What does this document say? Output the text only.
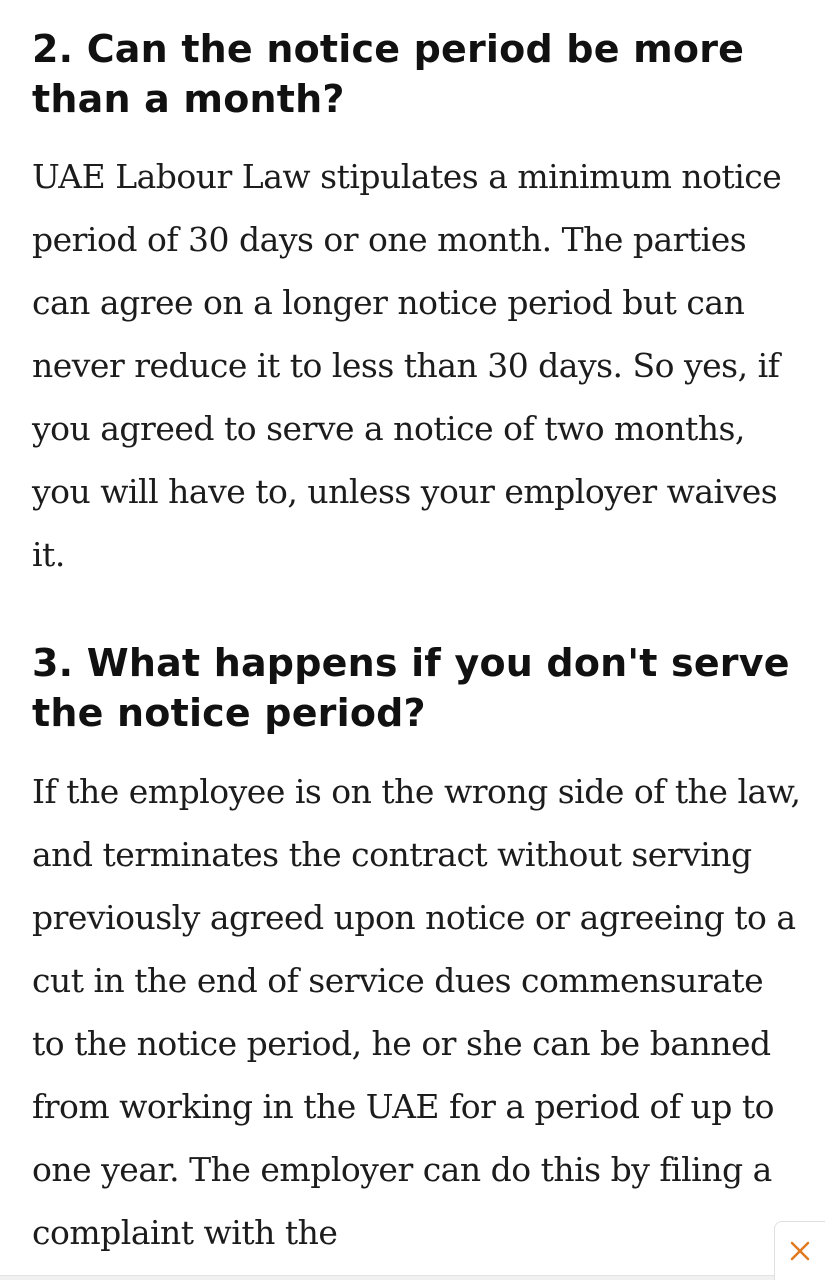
2. Can the notice period be more than a month?

UAE Labour Law stipulates a minimum notice period of 30 days or one month. The parties can agree on a longer notice period but can never reduce it to less than 30 days. So yes, if you agreed to serve a notice of two months, you will have to, unless your employer waives it.

3. What happens if you don't serve the notice period?

If the employee is on the wrong side of the law, and terminates the contract without serving previously agreed upon notice or agreeing to a cut in the end of service dues commensurate to the notice period, he or she can be banned from working in the UAE for a period of up to one year. The employer can do this by filing a complaint with the
